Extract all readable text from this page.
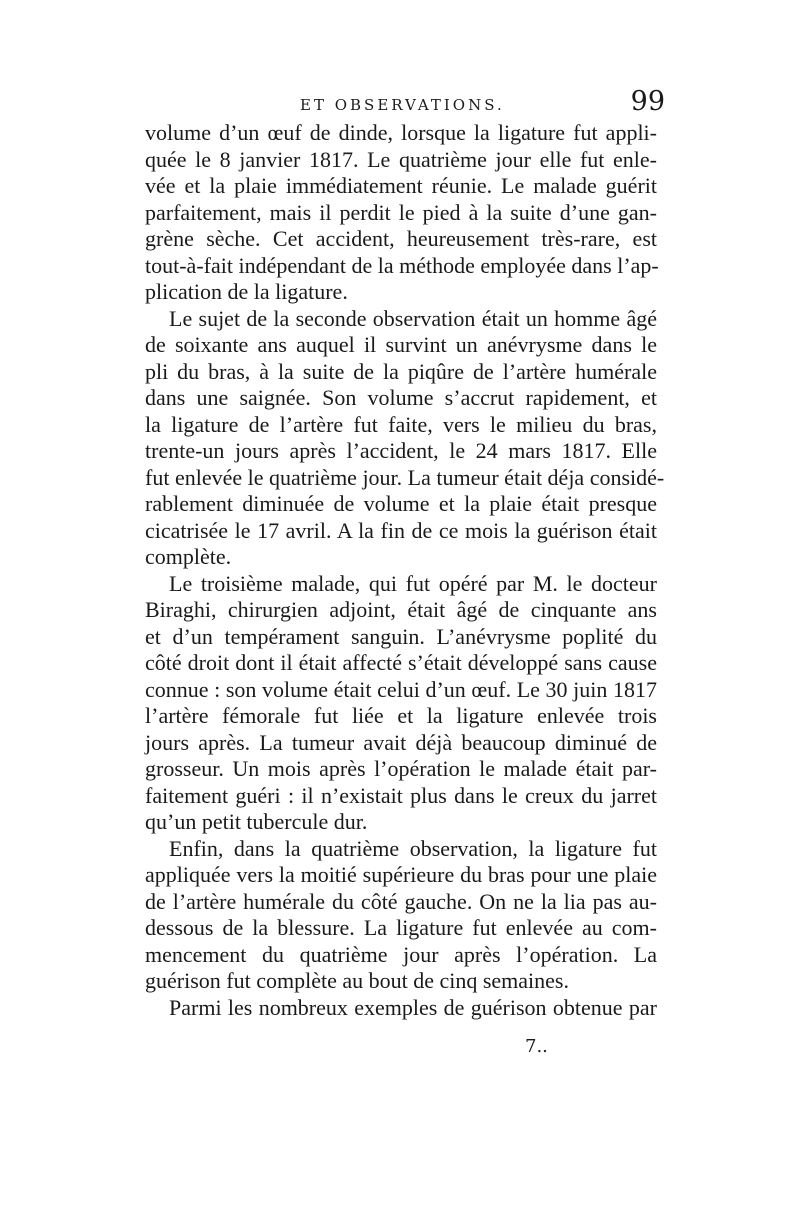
ET OBSERVATIONS.	99
volume d’un œuf de dinde, lorsque la ligature fut appli-
quée le 8 janvier 1817. Le quatrième jour elle fut enle-
vée et la plaie immédiatement réunie. Le malade guérit
parfaitement, mais il perdit le pied à la suite d’une gan-
grène sèche. Cet accident, heureusement très-rare, est
tout-à-fait indépendant de la méthode employée dans l’ap-
plication de la ligature.
Le sujet de la seconde observation était un homme âgé
de soixante ans auquel il survint un anévrysme dans le
pli du bras, à la suite de la piqûre de l’artère humérale
dans une saignée. Son volume s’accrut rapidement, et
la ligature de l’artère fut faite, vers le milieu du bras,
trente-un jours après l’accident, le 24 mars 1817. Elle
fut enlevée le quatrième jour. La tumeur était déja considé-
rablement diminuée de volume et la plaie était presque
cicatrisée le 17 avril. A la fin de ce mois la guérison était
complète.
Le troisième malade, qui fut opéré par M. le docteur
Biraghi, chirurgien adjoint, était âgé de cinquante ans
et d’un tempérament sanguin. L’anévrysme poplité du
côté droit dont il était affecté s’était développé sans cause
connue : son volume était celui d’un œuf. Le 30 juin 1817
l’artère fémorale fut liée et la ligature enlevée trois
jours après. La tumeur avait déjà beaucoup diminué de
grosseur. Un mois après l’opération le malade était par-
faitement guéri : il n’existait plus dans le creux du jarret
qu’un petit tubercule dur.
Enfin, dans la quatrième observation, la ligature fut
appliquée vers la moitié supérieure du bras pour une plaie
de l’artère humérale du côté gauche. On ne la lia pas au-
dessous de la blessure. La ligature fut enlevée au com-
mencement du quatrième jour après l’opération. La
guérison fut complète au bout de cinq semaines.
Parmi les nombreux exemples de guérison obtenue par
7..
